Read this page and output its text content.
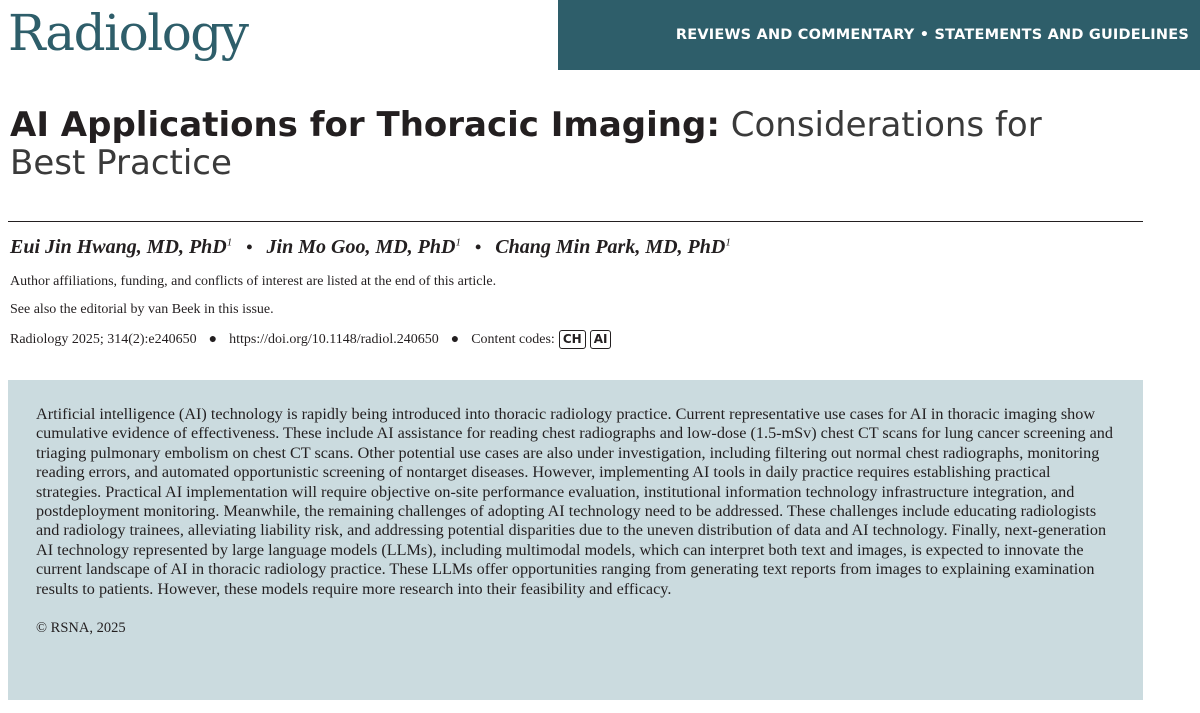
Radiology	REVIEWS AND COMMENTARY • STATEMENTS AND GUIDELINES
AI Applications for Thoracic Imaging: Considerations for Best Practice
Eui Jin Hwang, MD, PhD$^1$ • Jin Mo Goo, MD, PhD$^1$ • Chang Min Park, MD, PhD$^1$
Author affiliations, funding, and conflicts of interest are listed at the end of this article.
See also the editorial by van Beek in this issue.
Radiology 2025; 314(2):e240650 ● https://doi.org/10.1148/radiol.240650 ● Content codes: CH	AI

Artificial intelligence (AI) technology is rapidly being introduced into thoracic radiology practice. Current representative use cases for AI in thoracic imaging show cumulative evidence of effectiveness. These include AI assistance for reading chest radiographs and low-dose (1.5-mSv) chest CT scans for lung cancer screening and triaging pulmonary embolism on chest CT scans. Other potential use cases are also under investigation, including filtering out normal chest radiographs, monitoring reading errors, and automated opportunistic screening of nontarget diseases. However, implementing AI tools in daily practice requires establishing practical strategies. Practical AI implementation will require objective on-site performance evaluation, institutional information technology infrastructure integration, and postdeployment monitoring. Meanwhile, the remaining challenges of adopting AI technology need to be addressed. These challenges include educating radiologists and radiology trainees, alleviating liability risk, and addressing potential disparities due to the uneven distribution of data and AI technology. Finally, next-generation AI technology represented by large language models (LLMs), including multimodal models, which can interpret both text and images, is expected to innovate the current landscape of AI in thoracic radiology practice. These LLMs offer opportunities ranging from generating text reports from images to explaining examination results to patients. However, these models require more research into their feasibility and efficacy.

© RSNA, 2025
